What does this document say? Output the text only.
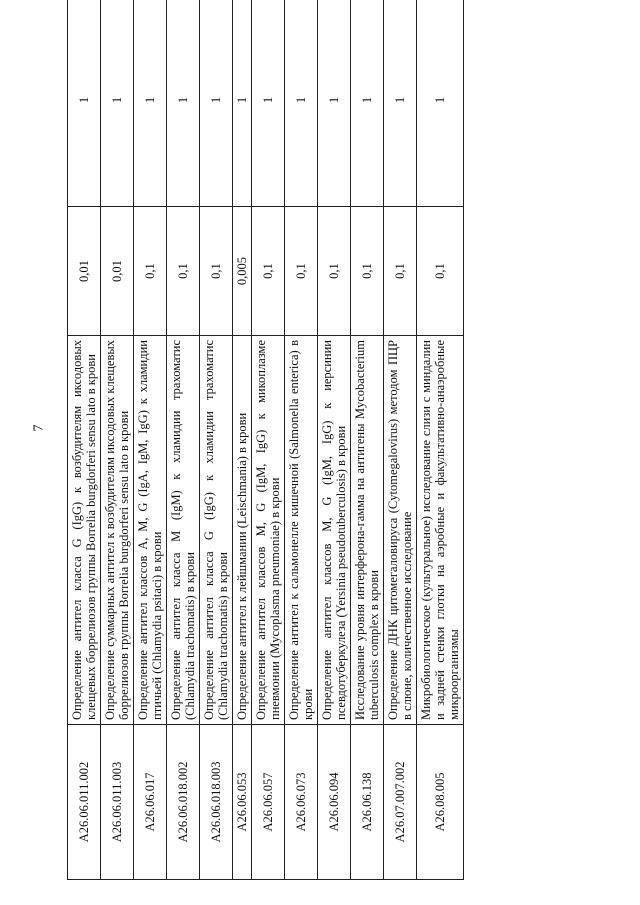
7
A26.06.011.002	Определение антител класса G (IgG) к возбудителям иксодовых клещевых боррелиозов группы Borrelia burgdorferi sensu lato в крови	0,01	1
A26.06.011.003	Определение суммарных антител к возбудителям иксодовых клещевых боррелиозов группы Borrelia burgdorferi sensu lato в крови	0,01	1
A26.06.017	Определение антител классов A, M, G (IgA, IgM, IgG) к хламидии птичьей (Chlamydia psitaci) в крови	0,1	1
A26.06.018.002	Определение антител класса M (IgM) к хламидии трахоматис (Chlamydia trachomatis) в крови	0,1	1
A26.06.018.003	Определение антител класса G (IgG) к хламидии трахоматис (Chlamydia trachomatis) в крови	0,1	1
A26.06.053	Определение антител к лейшмании (Leischmania) в крови	0,005	1
A26.06.057	Определение антител классов M, G (IgM, IgG) к микоплазме пневмонии (Mycoplasma pneumoniae) в крови	0,1	1
A26.06.073	Определение антител к сальмонелле кишечной (Salmonella enterica) в крови	0,1	1
A26.06.094	Определение антител классов M, G (IgM, IgG) к иерсинии псевдотуберкулеза (Yersinia pseudotuberculosis) в крови	0,1	1
A26.06.138	Исследование уровня интерферона-гамма на антигены Mycobacterium tuberculosis complex в крови	0,1	1
A26.07.007.002	Определение ДНК цитомегаловируса (Cytomegalovirus) методом ПЦР в слюне, количественное исследование	0,1	1
A26.08.005	Микробиологическое (культуральное) исследование слизи с миндалин и задней стенки глотки на аэробные и факультативно-анаэробные микроорганизмы	0,1	1
